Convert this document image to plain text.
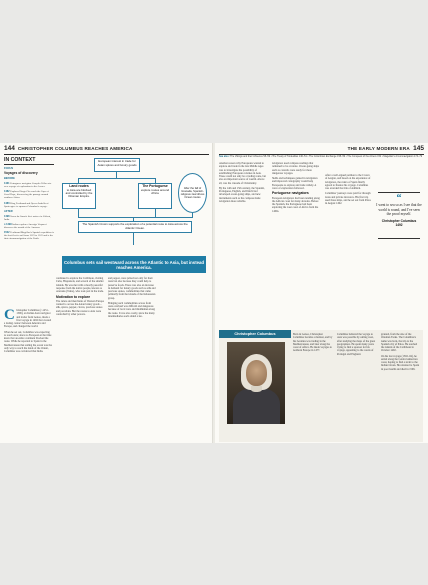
144 CHRISTOPHER COLUMBUS REACHES AMERICA
IN CONTEXT
FOCUS
Voyages of discovery
BEFORE
1431 Portuguese navigator Gonçalo Velho sets on a voyage of exploration to the Azores.
1482 Explorer Diogo Cão reach the Cape of Good Hope, discovering the passage around southern Africa.
1483 King Ferdinand and Queen Isabella of Spain agree to sponsor Columbus's voyage.
AFTER
1498 Vasco da Gama's fleet arrives in Calicut, India.
c.1499 Italian explorer Amerigo Vespucci discovers the mouth of the Amazon.
1522 Ferdinand Magellan's Spanish expedition is the first fleet to sail from 1519 to 1522 and is the first circumnavigation of the Earth.
European interest in trade for Asian spices and luxury goods
Land routes
to Asia are blocked and controlled by the Ottoman Empire.
The Portuguese
explore routes around Africa
After the fall of Granada, Spanish-religious zeal drives Ocean routes
The Spanish Crown supports the exploration of a potential route to Asia across the Atlantic Ocean.
Columbus sets sail westward across the Atlantic to Asia, but instead reaches America.
Christopher Columbus (c.1451–1506), an Italian-born navigator and trader from Genoa, made a first voyage in 1492 that created a lasting contact between America and Europe, and changed the world.
When he set out, Columbus was expecting to reach Asia; since no European at the time knew that an entire continent blocked the route. While he reported to Spain in the Mediterranean that sailing the ocean was the only way to reach the lands of the Orient, Columbus was convinced that India.
continued to explore the Caribbean, visiting Cuba, Hispaniola, and several of the smaller islands. He was met with a mostly peaceful response from the native people, known as Arawaks (Taíno), who took part in the trade.
Motivation to explore
The rulers and merchants of Western Europe wanted to access the Asian luxury goods – silk, spices, pepper, cloves, precious stones and porcelain. But the routes to Asia were controlled by other powers.
and pepper, were prized not only for their taste but also because they could help to preserve foods. There was also an increase in demand for luxury goods such as silk and precious stones, commodities that came primarily from the islands of the Indonesian group.
Bringing such commodities across from Asia overland was difficult and dangerous because of local wars and middlemen along the route. It was also costly, since the many intermediaries each added a fee.
THE EARLY MODERN ERA 145
See also: The Vikings and their influence 58–59 • The Treaty of Tordesillas 146–51 • The Columbian Exchange 158–59 • The Conquest of the Aztecs 152 • Magellan's circumnavigation 174–79
Another reason why Europeans wanted to explore and trade in the late Middle Ages was to investigate the possibility of establishing European colonies in Asia. These could not only be a trading route, but also an important source of wealth. Above all, was the crusade of Christianity.
By the 14th and 15th century, the Spanish, Portuguese, English, and Dutch had developed ocean-going ships, and new instruments such as the compass made navigation more reliable.
navigators used compass readings that remained to be accurate. Ocean-going ships such as caravels were ready for more dangerous voyages.
Skills and techniques gained in navigation and improved cartography would help Europeans to explore and trade widely. A wave of exploration followed.
Portuguese navigators
European navigators had been tending along the African coast for many decades. Before the Spanish, the Portuguese had been exploring the west coast of Africa from the 1400s.
After a well-argued petition to the Crown of Aragón, and based on the experience of navigators, the rulers of Spain finally agreed to finance his voyage. Columbus was awarded the title of Admiral.
Columbus' journeys were paid for through loans and private investors. His first trip used three ships, and he set out from Palos in August 1492.	“
I went to sea so as I see that the world is round, and I've seen the proof myself.
Christopher Columbus
1492
Christopher Columbus	Born in Genoa, Christopher Columbus became a mariner, and by his twenties was trading in the Mediterranean, and later along the coast of Africa. He made voyages to northern Europe in 1477.
Columbus believed the voyage to Asia was possible by sailing west, after studying the maps of the great geographers. He spent many years trying to find a sponsor for his voyage, appealing to the courts of Portugal and England.
granted, from the size of the Ottoman Turks. The Columbus's name was born, the trip to the Spanish city of Palos. He reached the islands of the Caribbean in October 1492.
On his last voyage (1502–04), he sailed along the Central American coast, hoping to find a strait to the Indian Ocean. He returned to Spain in poor health and died in 1506.
